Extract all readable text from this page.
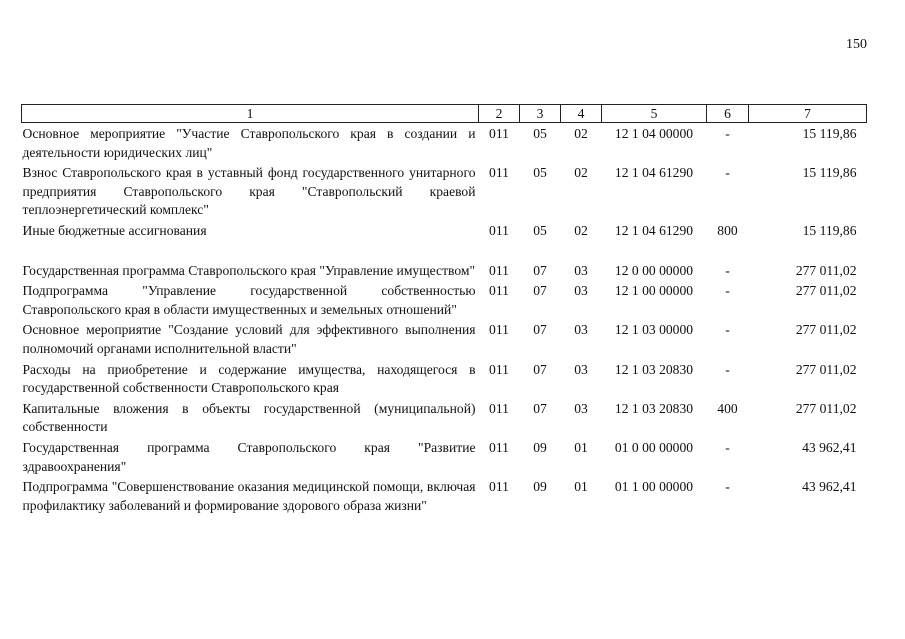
150
1	2	3	4	5	6	7
Основное мероприятие "Участие Ставропольского края в создании и деятельности юридических лиц"	011	05	02	12 1 04 00000	-	15 119,86
Взнос Ставропольского края в уставный фонд государственного унитарного предприятия Ставропольского края "Ставропольский краевой теплоэнергетический комплекс"	011	05	02	12 1 04 61290	-	15 119,86
Иные бюджетные ассигнования	011	05	02	12 1 04 61290	800	15 119,86
Государственная программа Ставропольского края "Управление имуществом"	011	07	03	12 0 00 00000	-	277 011,02
Подпрограмма "Управление государственной собственностью Ставропольского края в области имущественных и земельных отношений"	011	07	03	12 1 00 00000	-	277 011,02
Основное мероприятие "Создание условий для эффективного выполнения полномочий органами исполнительной власти"	011	07	03	12 1 03 00000	-	277 011,02
Расходы на приобретение и содержание имущества, находящегося в государственной собственности Ставропольского края	011	07	03	12 1 03 20830	-	277 011,02
Капитальные вложения в объекты государственной (муниципальной) собственности	011	07	03	12 1 03 20830	400	277 011,02
Государственная программа Ставропольского края "Развитие здравоохранения"	011	09	01	01 0 00 00000	-	43 962,41
Подпрограмма "Совершенствование оказания медицинской помощи, включая профилактику заболеваний и формирование здорового образа жизни"	011	09	01	01 1 00 00000	-	43 962,41
